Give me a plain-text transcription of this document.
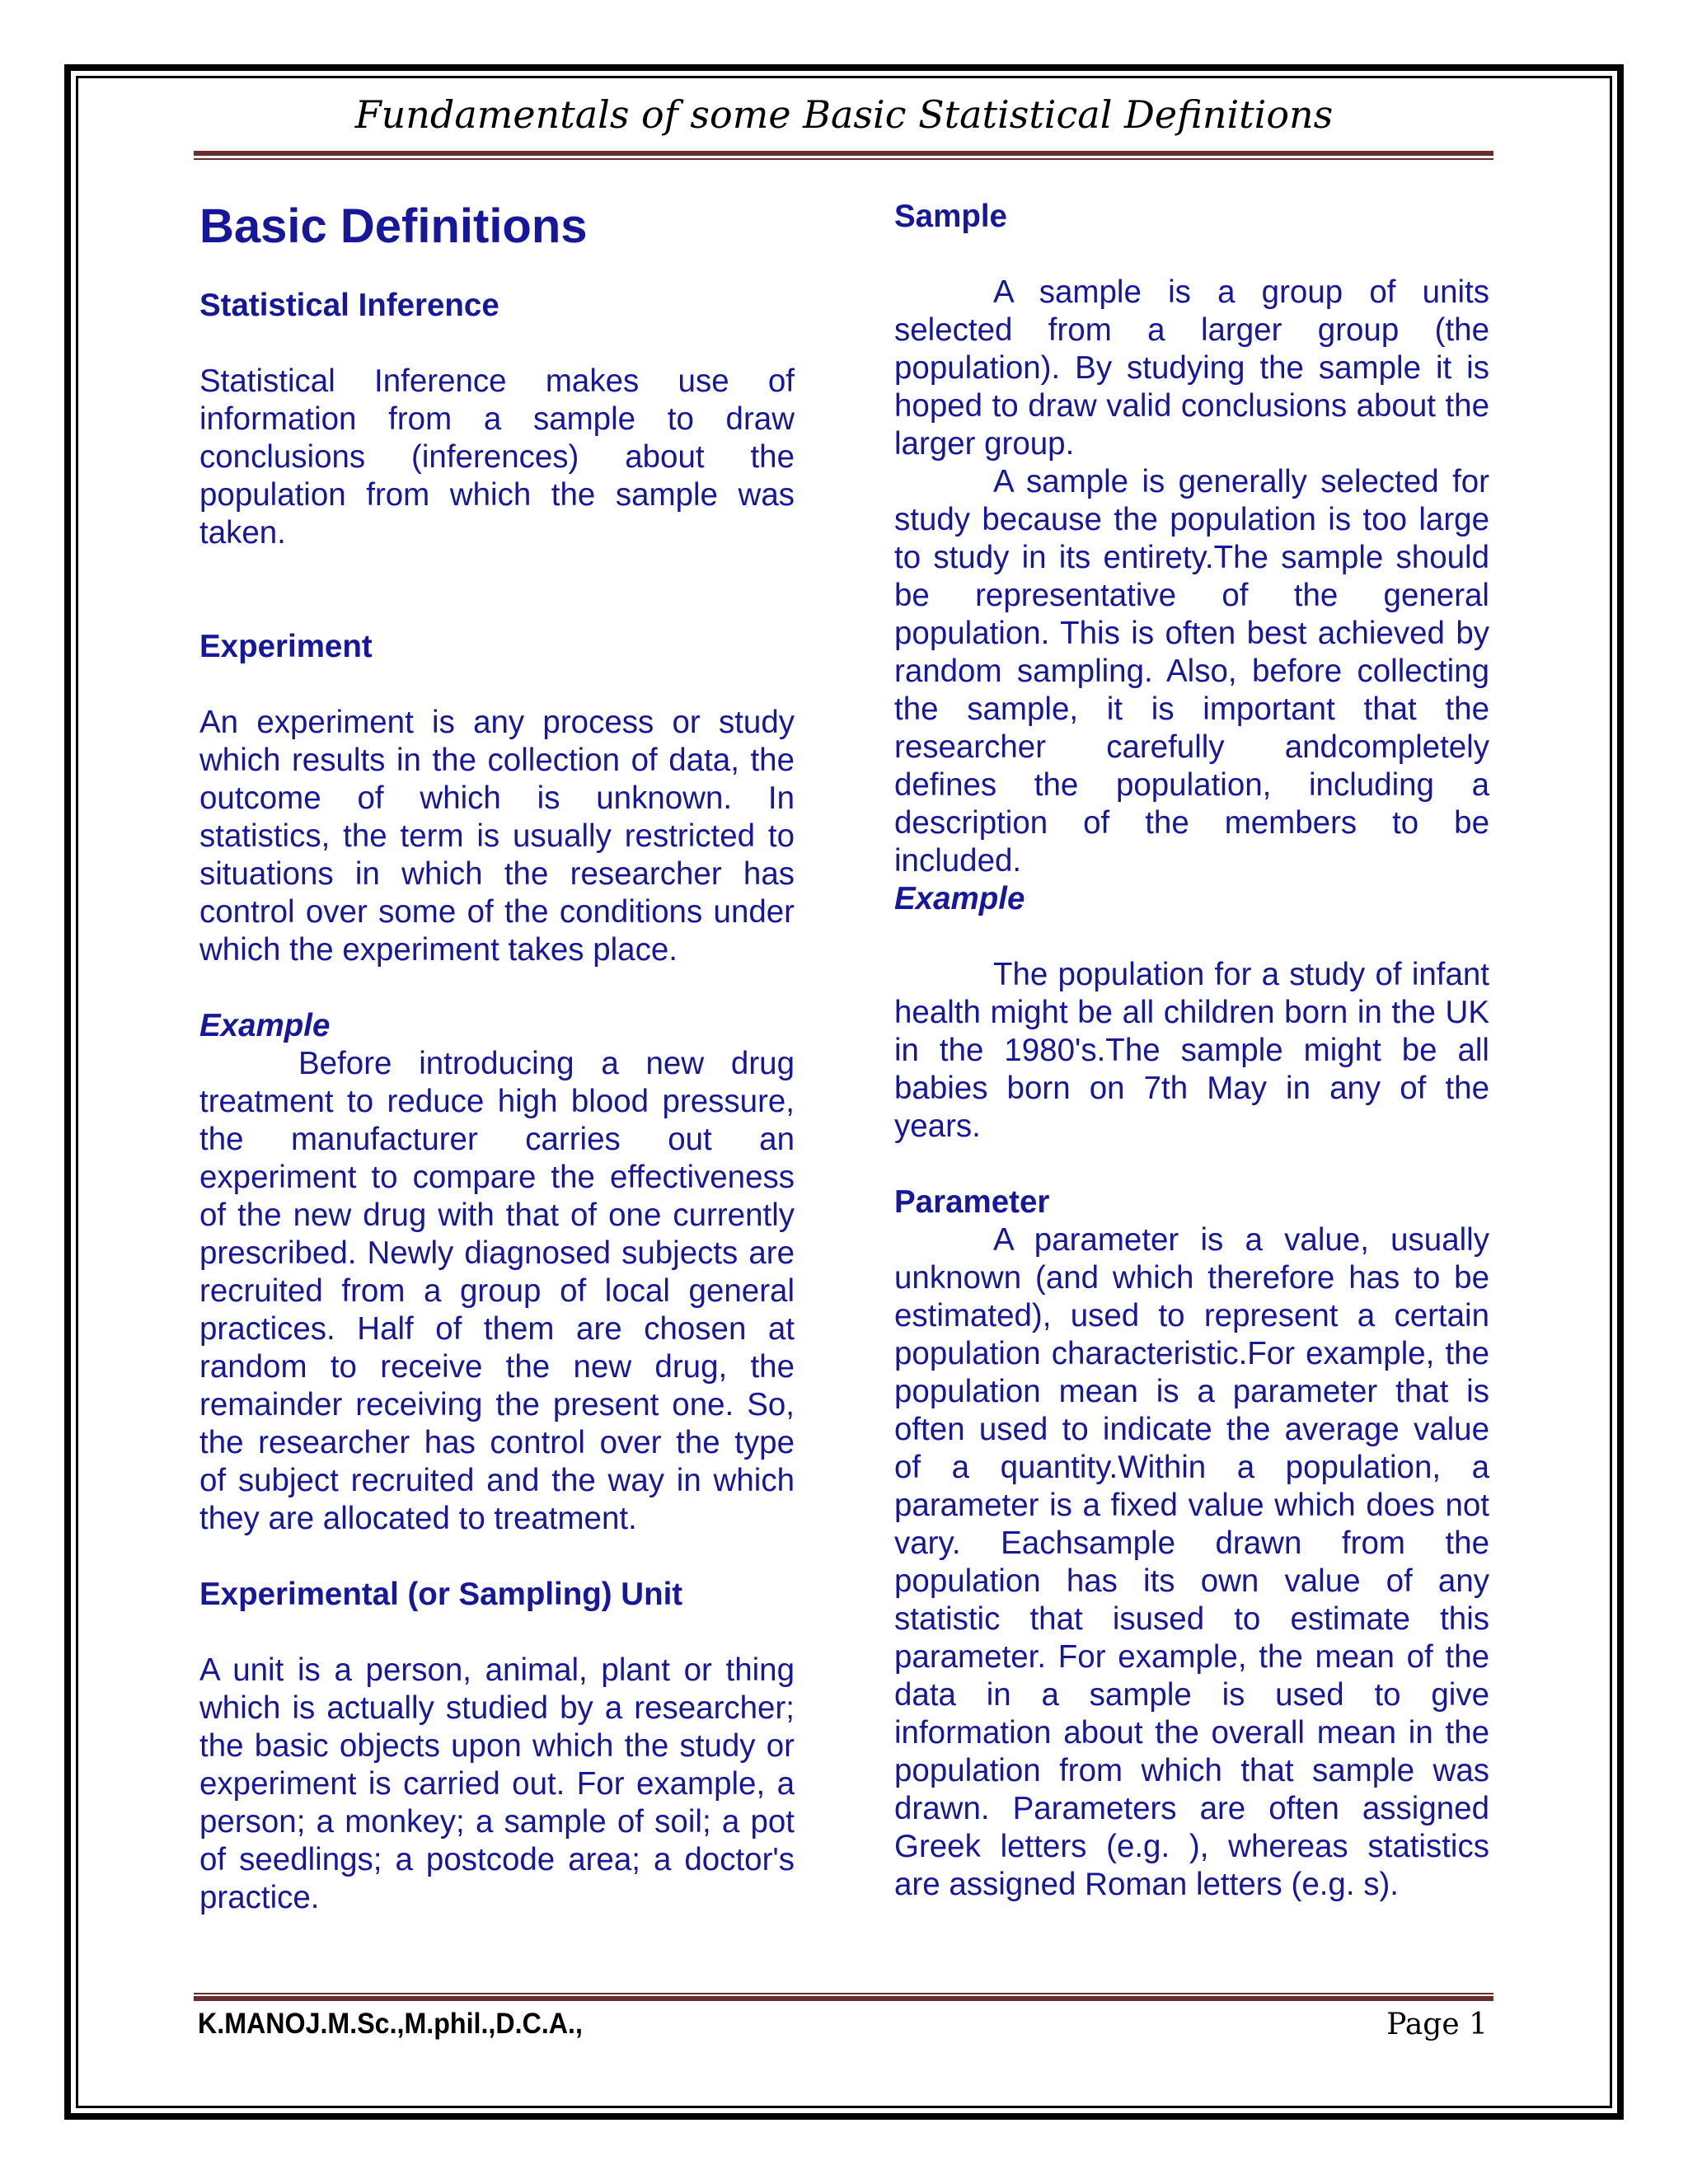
Fundamentals of some Basic Statistical Definitions
Basic Definitions
Statistical Inference

Statistical Inference makes use of information from a sample to draw conclusions (inferences) about the population from which the sample was taken.

Experiment

An experiment is any process or study which results in the collection of data, the outcome of which is unknown. In statistics, the term is usually restricted to situations in which the researcher has control over some of the conditions under which the experiment takes place.

Example

Before introducing a new drug treatment to reduce high blood pressure, the manufacturer carries out an experiment to compare the effectiveness of the new drug with that of one currently prescribed. Newly diagnosed subjects are recruited from a group of local general practices. Half of them are chosen at random to receive the new drug, the remainder receiving the present one. So, the researcher has control over the type of subject recruited and the way in which they are allocated to treatment.

Experimental (or Sampling) Unit

A unit is a person, animal, plant or thing which is actually studied by a researcher; the basic objects upon which the study or experiment is carried out. For example, a person; a monkey; a sample of soil; a pot of seedlings; a postcode area; a doctor's practice.

Sample

A sample is a group of units selected from a larger group (the population). By studying the sample it is hoped to draw valid conclusions about the larger group.

A sample is generally selected for study because the population is too large to study in its entirety.The sample should be representative of the general population. This is often best achieved by random sampling. Also, before collecting the sample, it is important that the researcher carefully andcompletely defines the population, including a description of the members to be included.

Example

The population for a study of infant health might be all children born in the UK in the 1980's.The sample might be all babies born on 7th May in any of the years.

Parameter

A parameter is a value, usually unknown (and which therefore has to be estimated), used to represent a certain population characteristic.For example, the population mean is a parameter that is often used to indicate the average value of a quantity.Within a population, a parameter is a fixed value which does not vary. Eachsample drawn from the population has its own value of any statistic that isused to estimate this parameter. For example, the mean of the data in a sample is used to give information about the overall mean in the population from which that sample was drawn. Parameters are often assigned Greek letters (e.g. ), whereas statistics are assigned Roman letters (e.g. s).

K.MANOJ.M.Sc.,M.phil.,D.C.A.,	Page 1
